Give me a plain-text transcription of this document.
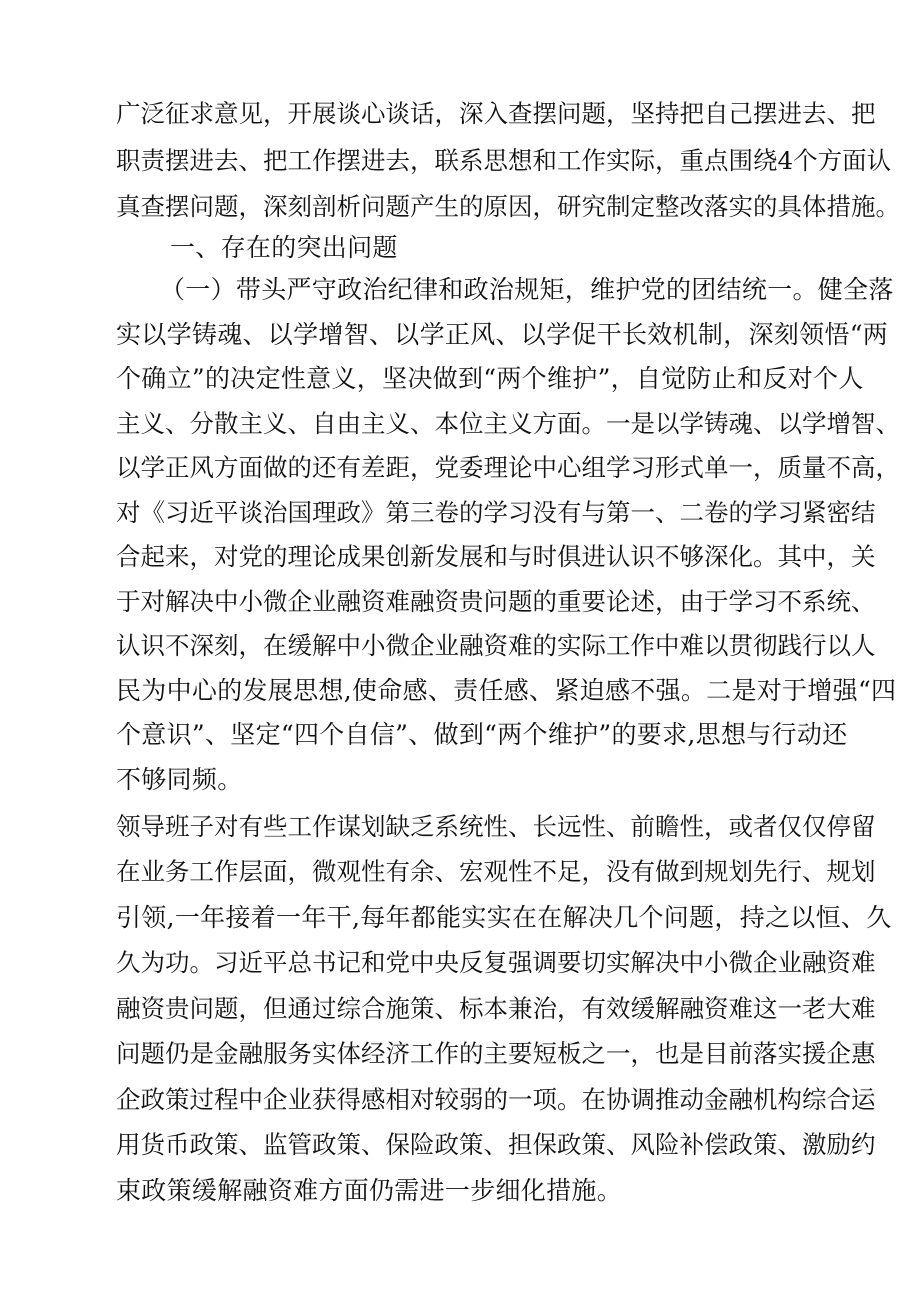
广泛征求意见，开展谈心谈话，深入查摆问题，坚持把自己摆进去、把
职责摆进去、把工作摆进去，联系思想和工作实际，重点围绕4个方面认
真查摆问题，深刻剖析问题产生的原因，研究制定整改落实的具体措施。
一、存在的突出问题
（一）带头严守政治纪律和政治规矩，维护党的团结统一。健全落
实以学铸魂、以学增智、以学正风、以学促干长效机制，深刻领悟“两
个确立”的决定性意义，坚决做到“两个维护”，自觉防止和反对个人
主义、分散主义、自由主义、本位主义方面。一是以学铸魂、以学增智、
以学正风方面做的还有差距，党委理论中心组学习形式单一，质量不高，
对《习近平谈治国理政》第三卷的学习没有与第一、二卷的学习紧密结
合起来，对党的理论成果创新发展和与时俱进认识不够深化。其中，关
于对解决中小微企业融资难融资贵问题的重要论述，由于学习不系统、
认识不深刻，在缓解中小微企业融资难的实际工作中难以贯彻践行以人
民为中心的发展思想,使命感、责任感、紧迫感不强。二是对于增强“四
个意识”、坚定“四个自信”、做到“两个维护”的要求,思想与行动还
不够同频。
领导班子对有些工作谋划缺乏系统性、长远性、前瞻性，或者仅仅停留
在业务工作层面，微观性有余、宏观性不足，没有做到规划先行、规划
引领,一年接着一年干,每年都能实实在在解决几个问题，持之以恒、久
久为功。习近平总书记和党中央反复强调要切实解决中小微企业融资难
融资贵问题，但通过综合施策、标本兼治，有效缓解融资难这一老大难
问题仍是金融服务实体经济工作的主要短板之一，也是目前落实援企惠
企政策过程中企业获得感相对较弱的一项。在协调推动金融机构综合运
用货币政策、监管政策、保险政策、担保政策、风险补偿政策、激励约
束政策缓解融资难方面仍需进一步细化措施。
